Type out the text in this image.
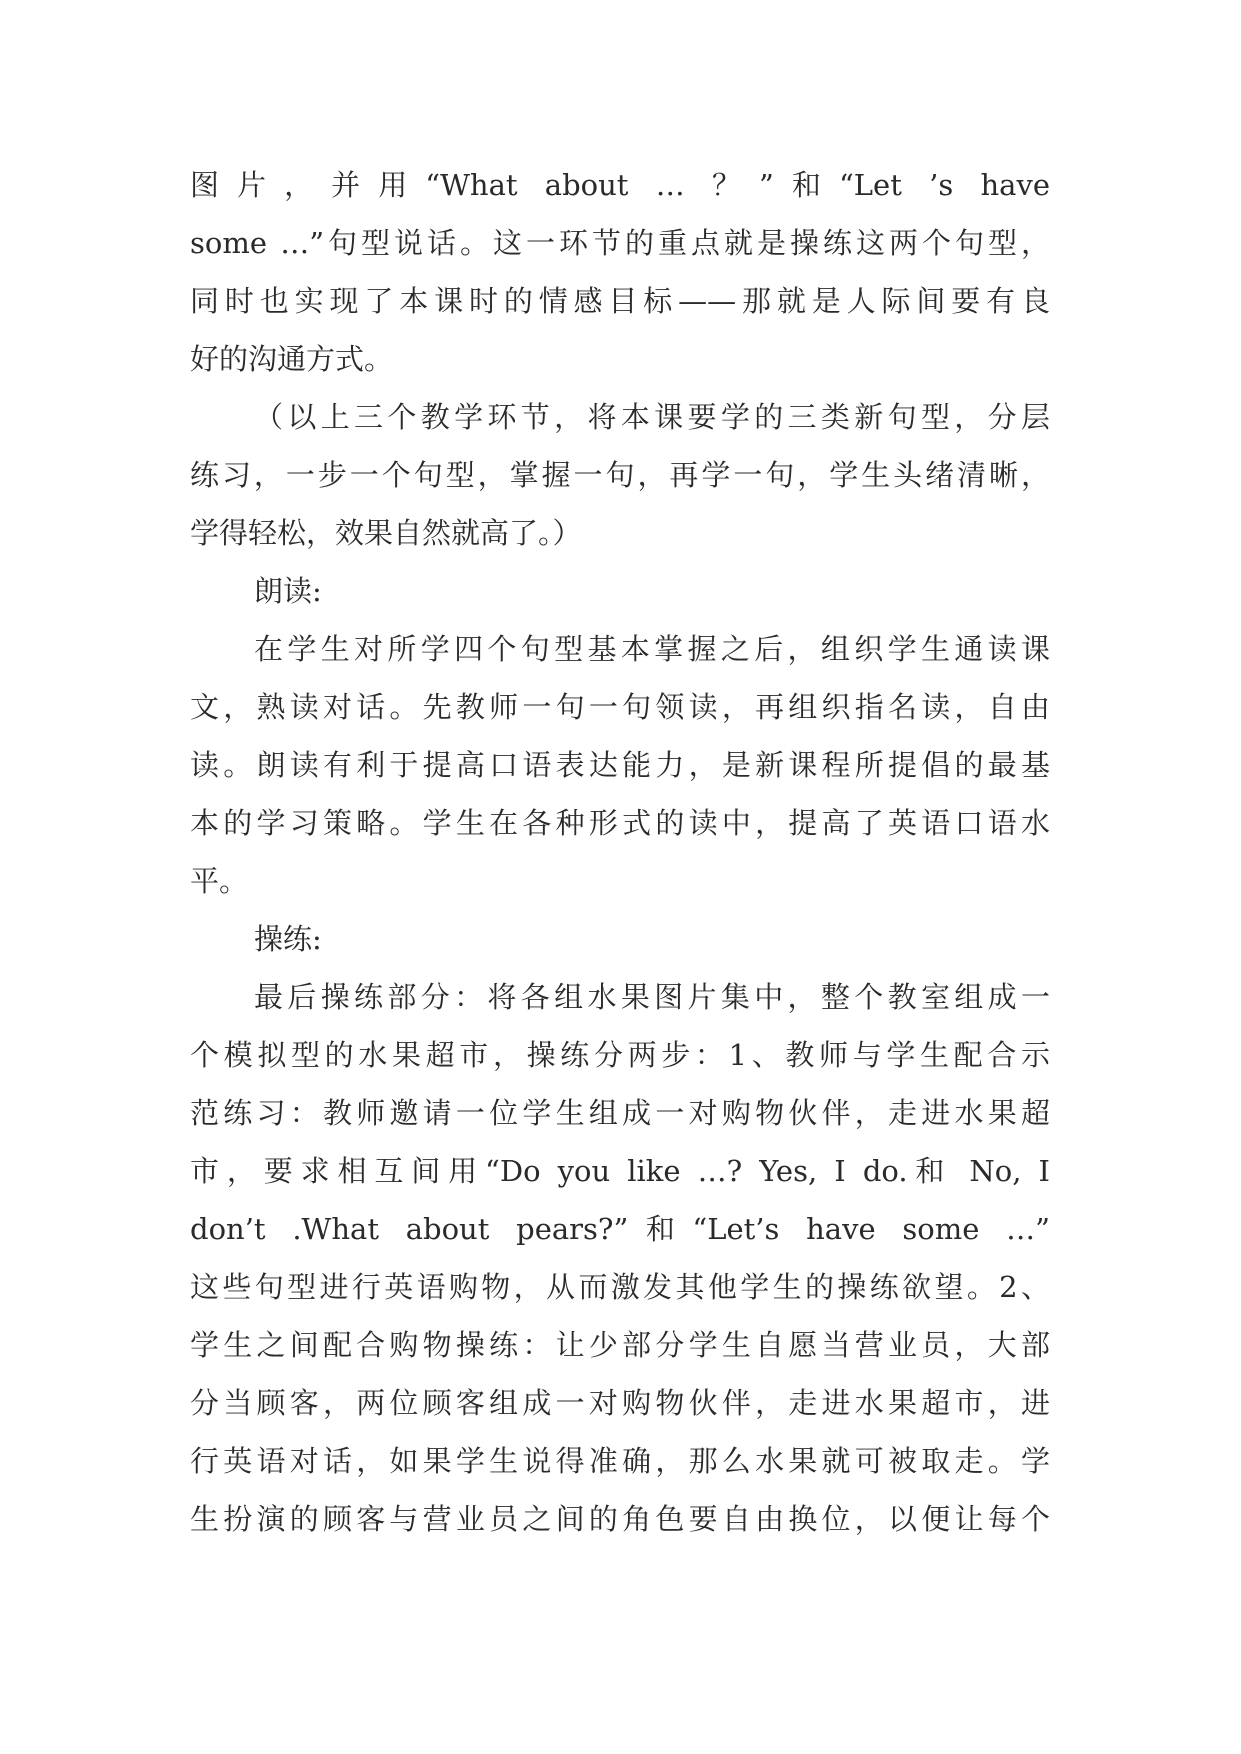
图片，并用“What about … ？”和“Let ’s have
some …”句型说话。这一环节的重点就是操练这两个句型，
同时也实现了本课时的情感目标——那就是人际间要有良
好的沟通方式。
（以上三个教学环节，将本课要学的三类新句型，分层
练习，一步一个句型，掌握一句，再学一句，学生头绪清晰，
学得轻松，效果自然就高了。）
朗读:
在学生对所学四个句型基本掌握之后，组织学生通读课
文，熟读对话。先教师一句一句领读，再组织指名读，自由
读。朗读有利于提高口语表达能力，是新课程所提倡的最基
本的学习策略。学生在各种形式的读中，提高了英语口语水
平。
操练:
最后操练部分：将各组水果图片集中，整个教室组成一
个模拟型的水果超市，操练分两步：1、教师与学生配合示
范练习：教师邀请一位学生组成一对购物伙伴，走进水果超
市，要求相互间用“Do you like …? Yes, I do.和 No, I
don’t .What about pears?”和“Let’s have some …”
这些句型进行英语购物，从而激发其他学生的操练欲望。2、
学生之间配合购物操练：让少部分学生自愿当营业员，大部
分当顾客，两位顾客组成一对购物伙伴，走进水果超市，进
行英语对话，如果学生说得准确，那么水果就可被取走。学
生扮演的顾客与营业员之间的角色要自由换位，以便让每个
